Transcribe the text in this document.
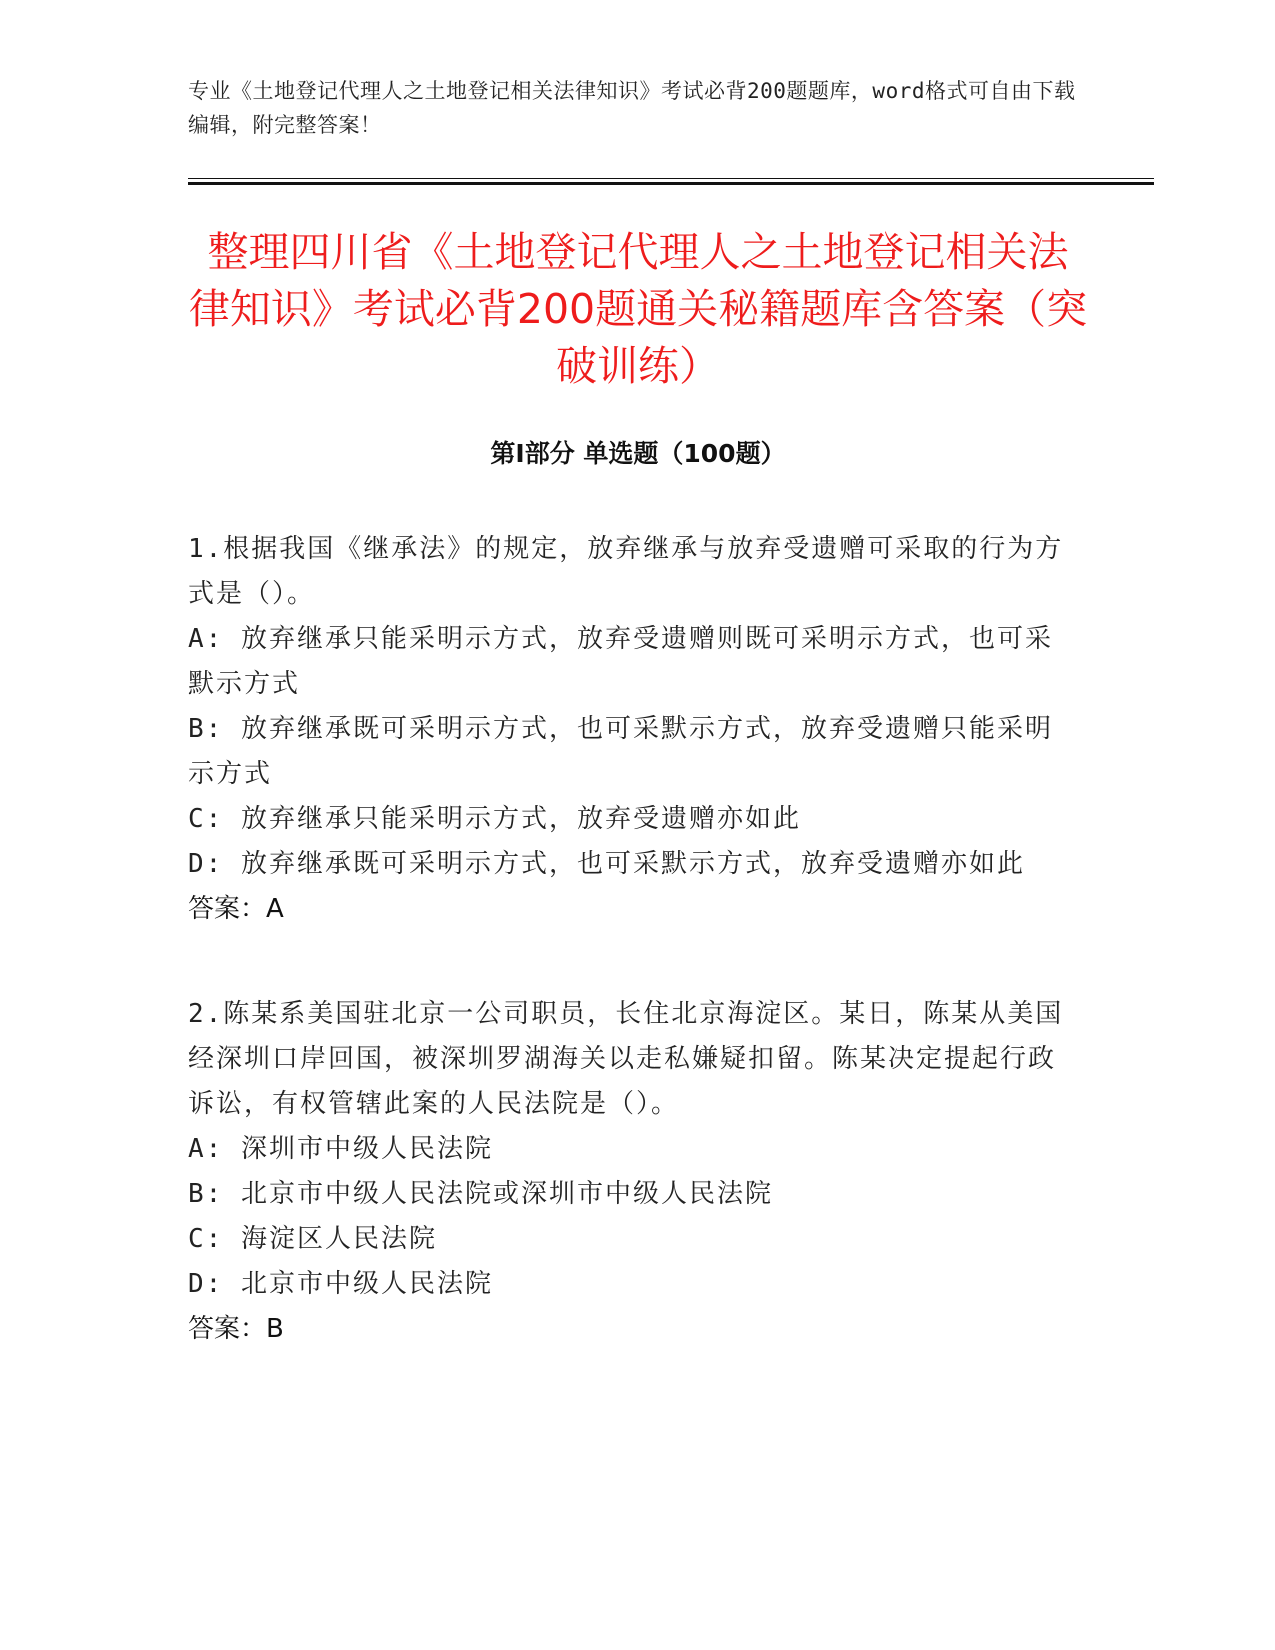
专业《土地登记代理人之土地登记相关法律知识》考试必背200题题库，word格式可自由下载编辑，附完整答案！
整理四川省《土地登记代理人之土地登记相关法律知识》考试必背200题通关秘籍题库含答案（突破训练）
第Ⅰ部分 单选题（100题）

1.根据我国《继承法》的规定，放弃继承与放弃受遗赠可采取的行为方式是（）。

A: 放弃继承只能采明示方式，放弃受遗赠则既可采明示方式，也可采默示方式

B: 放弃继承既可采明示方式，也可采默示方式，放弃受遗赠只能采明示方式

C: 放弃继承只能采明示方式，放弃受遗赠亦如此

D: 放弃继承既可采明示方式，也可采默示方式，放弃受遗赠亦如此

答案：A

2.陈某系美国驻北京一公司职员，长住北京海淀区。某日，陈某从美国经深圳口岸回国，被深圳罗湖海关以走私嫌疑扣留。陈某决定提起行政诉讼，有权管辖此案的人民法院是（）。

A: 深圳市中级人民法院

B: 北京市中级人民法院或深圳市中级人民法院

C: 海淀区人民法院

D: 北京市中级人民法院

答案：B
